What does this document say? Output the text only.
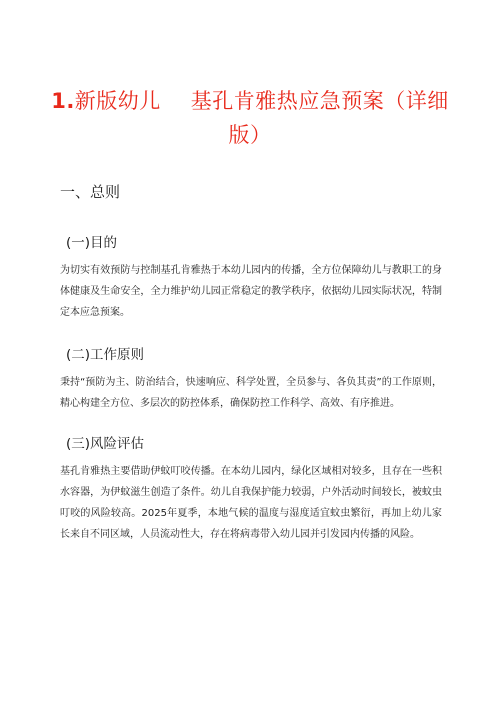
1.新版幼儿 基孔肯雅热应急预案（详细版）
一、总则
(一)目的

为切实有效预防与控制基孔肯雅热于本幼儿园内的传播，全方位保障幼儿与教职工的身体健康及生命安全，全力维护幼儿园正常稳定的教学秩序，依据幼儿园实际状况，特制定本应急预案。

(二)工作原则

秉持“预防为主、防治结合，快速响应、科学处置，全员参与、各负其责”的工作原则，精心构建全方位、多层次的防控体系，确保防控工作科学、高效、有序推进。

(三)风险评估

基孔肯雅热主要借助伊蚊叮咬传播。在本幼儿园内，绿化区域相对较多，且存在一些积水容器，为伊蚊滋生创造了条件。幼儿自我保护能力较弱，户外活动时间较长，被蚊虫叮咬的风险较高。2025年夏季，本地气候的温度与湿度适宜蚊虫繁衍，再加上幼儿家长来自不同区域，人员流动性大，存在将病毒带入幼儿园并引发园内传播的风险。
